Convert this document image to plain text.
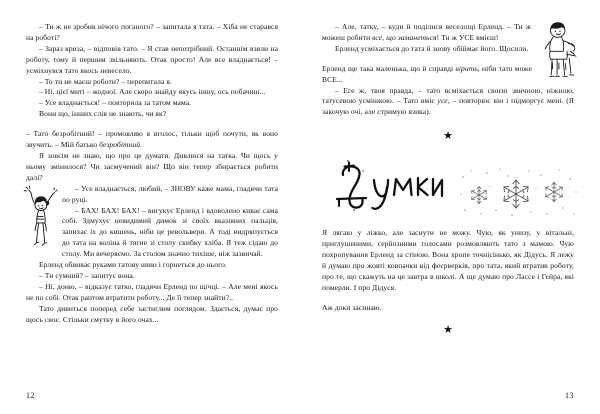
– Ти ж не зробив нічого поганого? – запитала я тата. – Хіба не старався на роботі?

– Зараз криза, – відповів тато. – Я став непотрібний. Останнім взяли на роботу, тому й першим звільняють. Отак просто! Але все владнається! – усміхнувся тато якось невесело.

– То ти не маєш роботи? – перепитала я.

– Ні, цієї миті – жодної. Але скоро знайду якусь іншу, ось побачиш...

– Усе владнається! – повторила за татом мама.

Вони що, інших слів не знають, чи як?

– Тато безробітний! – промовляю я вголос, тільки щоб почути, як воно звучить. – Мій батько безробітний.

Я зовсім не знаю, що про це думати. Дивлюся на татка. Чи щось у ньому змінилося? Чи засмучений він? Що він тепер збирається робити далі?

– Усе владнається, любий, – ЗНОВУ каже мама, гладячи тата по руці.

– БАХ! БАХ! БАХ! – вигукує Ерленд і вдоволено киває сама собі. Здмухує невидимий димок зі своїх вказівних пальців, запихає їх до кишень, ніби це револьвери. А тоді видряпується до тата на коліна й тягне зі столу скибку хліба. Я теж сідаю до столу. Ми вечеряємо. За столом значно тихіше, ніж зазвичай.

Ерленд обвиває руками татову шию і горнеться до нього.

– Ти сумний? – запитує вона.

– Ні, доню, – відказує татко, гладячи Ерленд по щічці. – Але мені якось не по собі. Отак раптом втратити роботу... Де її тепер знайти?..

Тато дивиться поперед себе застиглим поглядом. Здається, думає про щось своє. Стільки смутку в його очах...

12

– Але, татку, – куди й поділися веселощі Ерленд. – Ти ж можеш робити все, що заманеться! Ти ж УСЕ вмієш!

Ерленд усміхається до тата й знову обіймає його. Щосили.

Ерленд ще така маленька, що й справді вірить, ніби тато може ВСЕ...

– Еге ж, твоя правда, – тато всміхається своєю звичною, ніжною, татусевою усмішкою. – Тато вміє усе, – повторює він і підморгує мені. (Я закочую очі, але стримую язика).

★

Я лягаю у ліжко, але заснути не можу. Чую, як унизу, у вітальні, приглушеними, серйозними голосами розмовляють тато з мамою. Чую похропування Ерленд за стіною. Вона хропе точнісінько, як Дідусь. Я лежу й думаю про жовті ковпачки від феєрверків, про тата, який втратив роботу, про те, що скажуть на це завтра в школі. А ще думаю про Лассе і Гейра, які померли. І про Дідуся.

Аж доки засинаю.

★
13
